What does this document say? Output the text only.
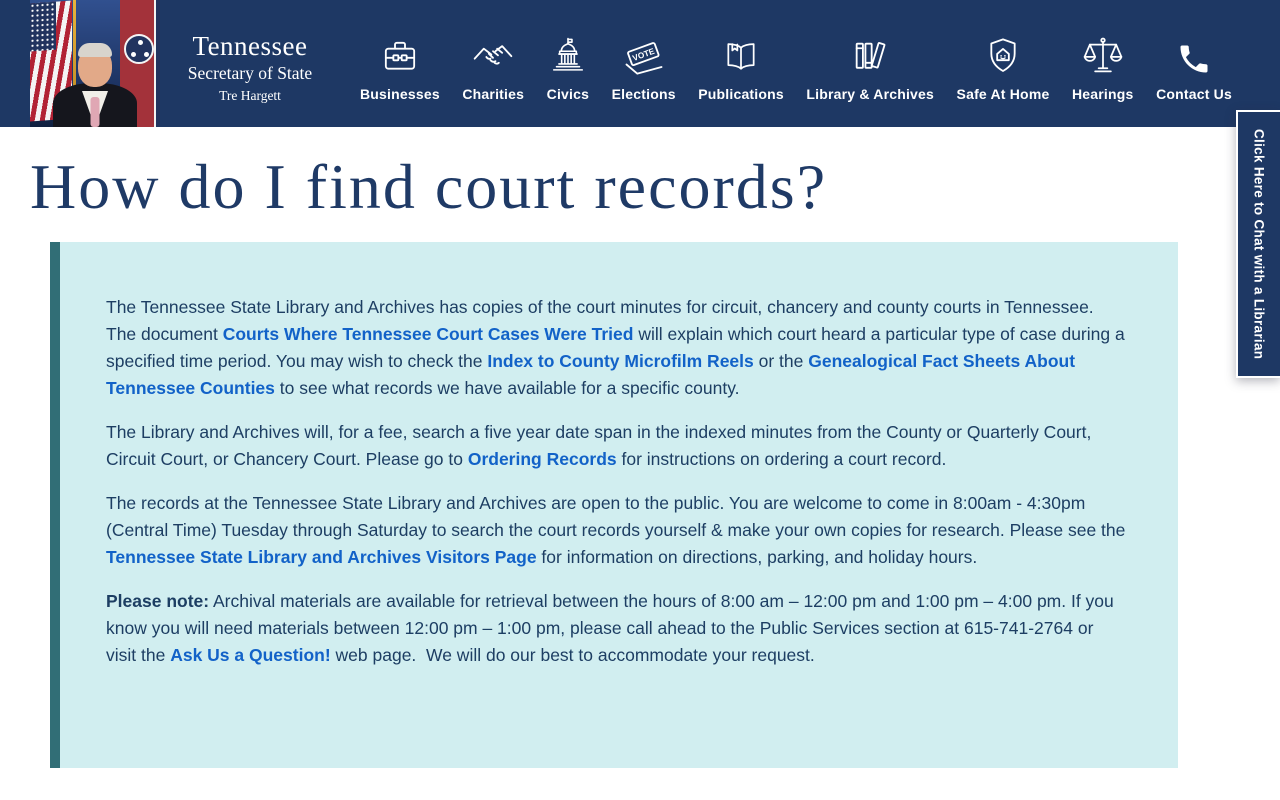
Tennessee
Secretary of State
Tre Hargett	Businesses Charities Civics
VOTE
Elections Publications Library & Archives Safe At Home Hearings Contact Us
Click Here to Chat with a Librarian
How do I find court records?

The Tennessee State Library and Archives has copies of the court minutes for circuit, chancery and county courts in Tennessee. The document Courts Where Tennessee Court Cases Were Tried will explain which court heard a particular type of case during a specified time period. You may wish to check the Index to County Microfilm Reels or the Genealogical Fact Sheets About Tennessee Counties to see what records we have available for a specific county.

The Library and Archives will, for a fee, search a five year date span in the indexed minutes from the County or Quarterly Court, Circuit Court, or Chancery Court. Please go to Ordering Records for instructions on ordering a court record.

The records at the Tennessee State Library and Archives are open to the public. You are welcome to come in 8:00am - 4:30pm (Central Time) Tuesday through Saturday to search the court records yourself & make your own copies for research. Please see the Tennessee State Library and Archives Visitors Page for information on directions, parking, and holiday hours.

Please note: Archival materials are available for retrieval between the hours of 8:00 am – 12:00 pm and 1:00 pm – 4:00 pm. If you know you will need materials between 12:00 pm – 1:00 pm, please call ahead to the Public Services section at 615-741-2764 or visit the Ask Us a Question! web page.  We will do our best to accommodate your request.
